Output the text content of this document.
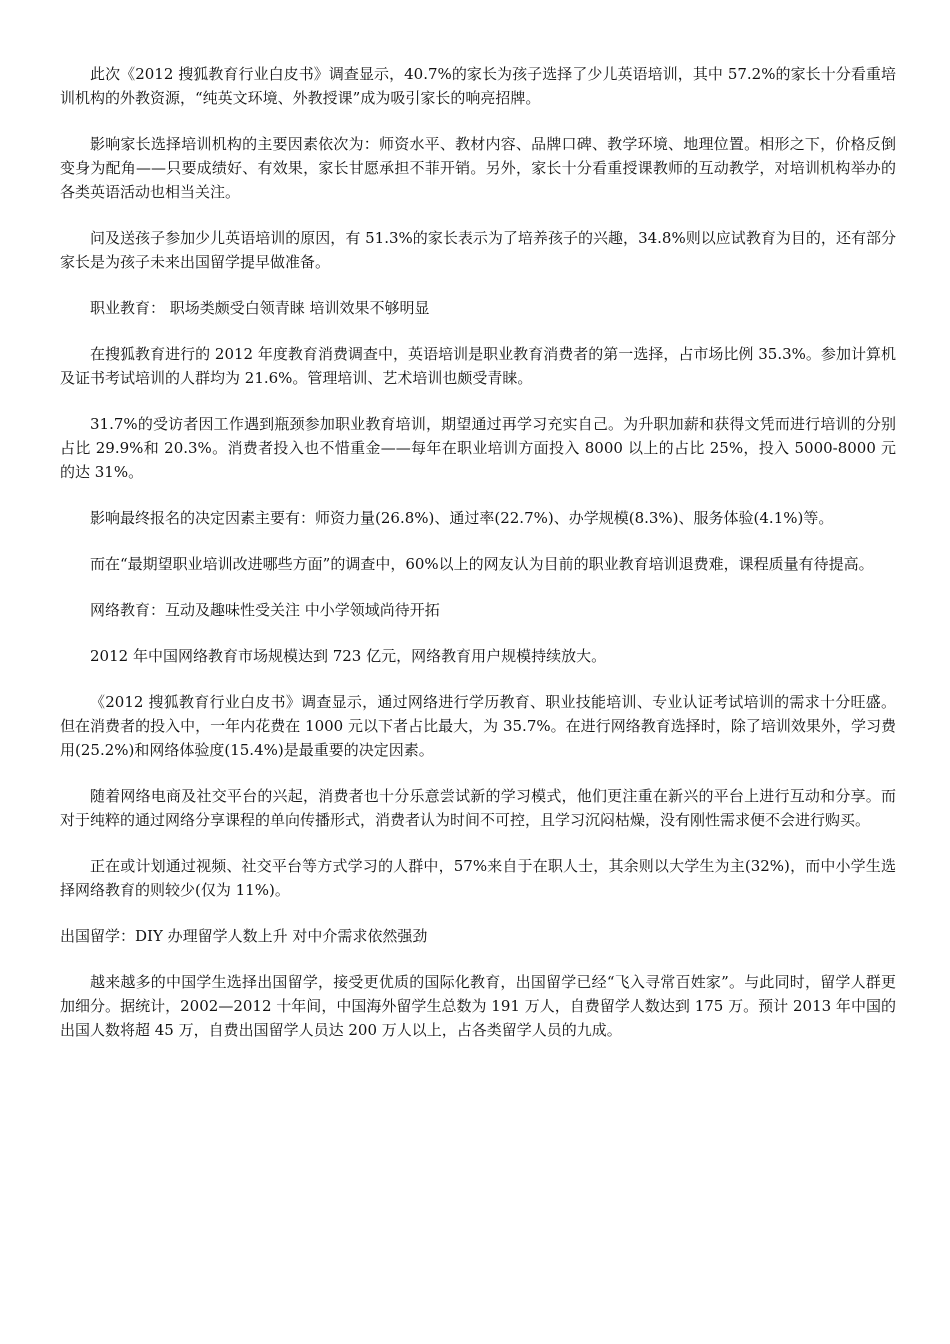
此次《2012 搜狐教育行业白皮书》调查显示，40.7%的家长为孩子选择了少儿英语培训，其中 57.2%的家长十分看重培训机构的外教资源，“纯英文环境、外教授课”成为吸引家长的响亮招牌。

影响家长选择培训机构的主要因素依次为：师资水平、教材内容、品牌口碑、教学环境、地理位置。相形之下，价格反倒变身为配角——只要成绩好、有效果，家长甘愿承担不菲开销。另外，家长十分看重授课教师的互动教学，对培训机构举办的各类英语活动也相当关注。

问及送孩子参加少儿英语培训的原因，有 51.3%的家长表示为了培养孩子的兴趣，34.8%则以应试教育为目的，还有部分家长是为孩子未来出国留学提早做准备。

职业教育： 职场类颇受白领青睐 培训效果不够明显

在搜狐教育进行的 2012 年度教育消费调查中，英语培训是职业教育消费者的第一选择，占市场比例 35.3%。参加计算机及证书考试培训的人群均为 21.6%。管理培训、艺术培训也颇受青睐。

31.7%的受访者因工作遇到瓶颈参加职业教育培训，期望通过再学习充实自己。为升职加薪和获得文凭而进行培训的分别占比 29.9%和 20.3%。消费者投入也不惜重金——每年在职业培训方面投入 8000 以上的占比 25%，投入 5000-8000 元的达 31%。

影响最终报名的决定因素主要有：师资力量(26.8%)、通过率(22.7%)、办学规模(8.3%)、服务体验(4.1%)等。

而在“最期望职业培训改进哪些方面”的调查中，60%以上的网友认为目前的职业教育培训退费难，课程质量有待提高。

网络教育：互动及趣味性受关注 中小学领域尚待开拓

2012 年中国网络教育市场规模达到 723 亿元，网络教育用户规模持续放大。

《2012 搜狐教育行业白皮书》调查显示，通过网络进行学历教育、职业技能培训、专业认证考试培训的需求十分旺盛。但在消费者的投入中，一年内花费在 1000 元以下者占比最大，为 35.7%。在进行网络教育选择时，除了培训效果外，学习费用(25.2%)和网络体验度(15.4%)是最重要的决定因素。

随着网络电商及社交平台的兴起，消费者也十分乐意尝试新的学习模式，他们更注重在新兴的平台上进行互动和分享。而对于纯粹的通过网络分享课程的单向传播形式，消费者认为时间不可控，且学习沉闷枯燥，没有刚性需求便不会进行购买。

正在或计划通过视频、社交平台等方式学习的人群中，57%来自于在职人士，其余则以大学生为主(32%)，而中小学生选择网络教育的则较少(仅为 11%)。

出国留学：DIY 办理留学人数上升 对中介需求依然强劲

越来越多的中国学生选择出国留学，接受更优质的国际化教育，出国留学已经“飞入寻常百姓家”。与此同时，留学人群更加细分。据统计，2002—2012 十年间，中国海外留学生总数为 191 万人，自费留学人数达到 175 万。预计 2013 年中国的出国人数将超 45 万，自费出国留学人员达 200 万人以上，占各类留学人员的九成。
